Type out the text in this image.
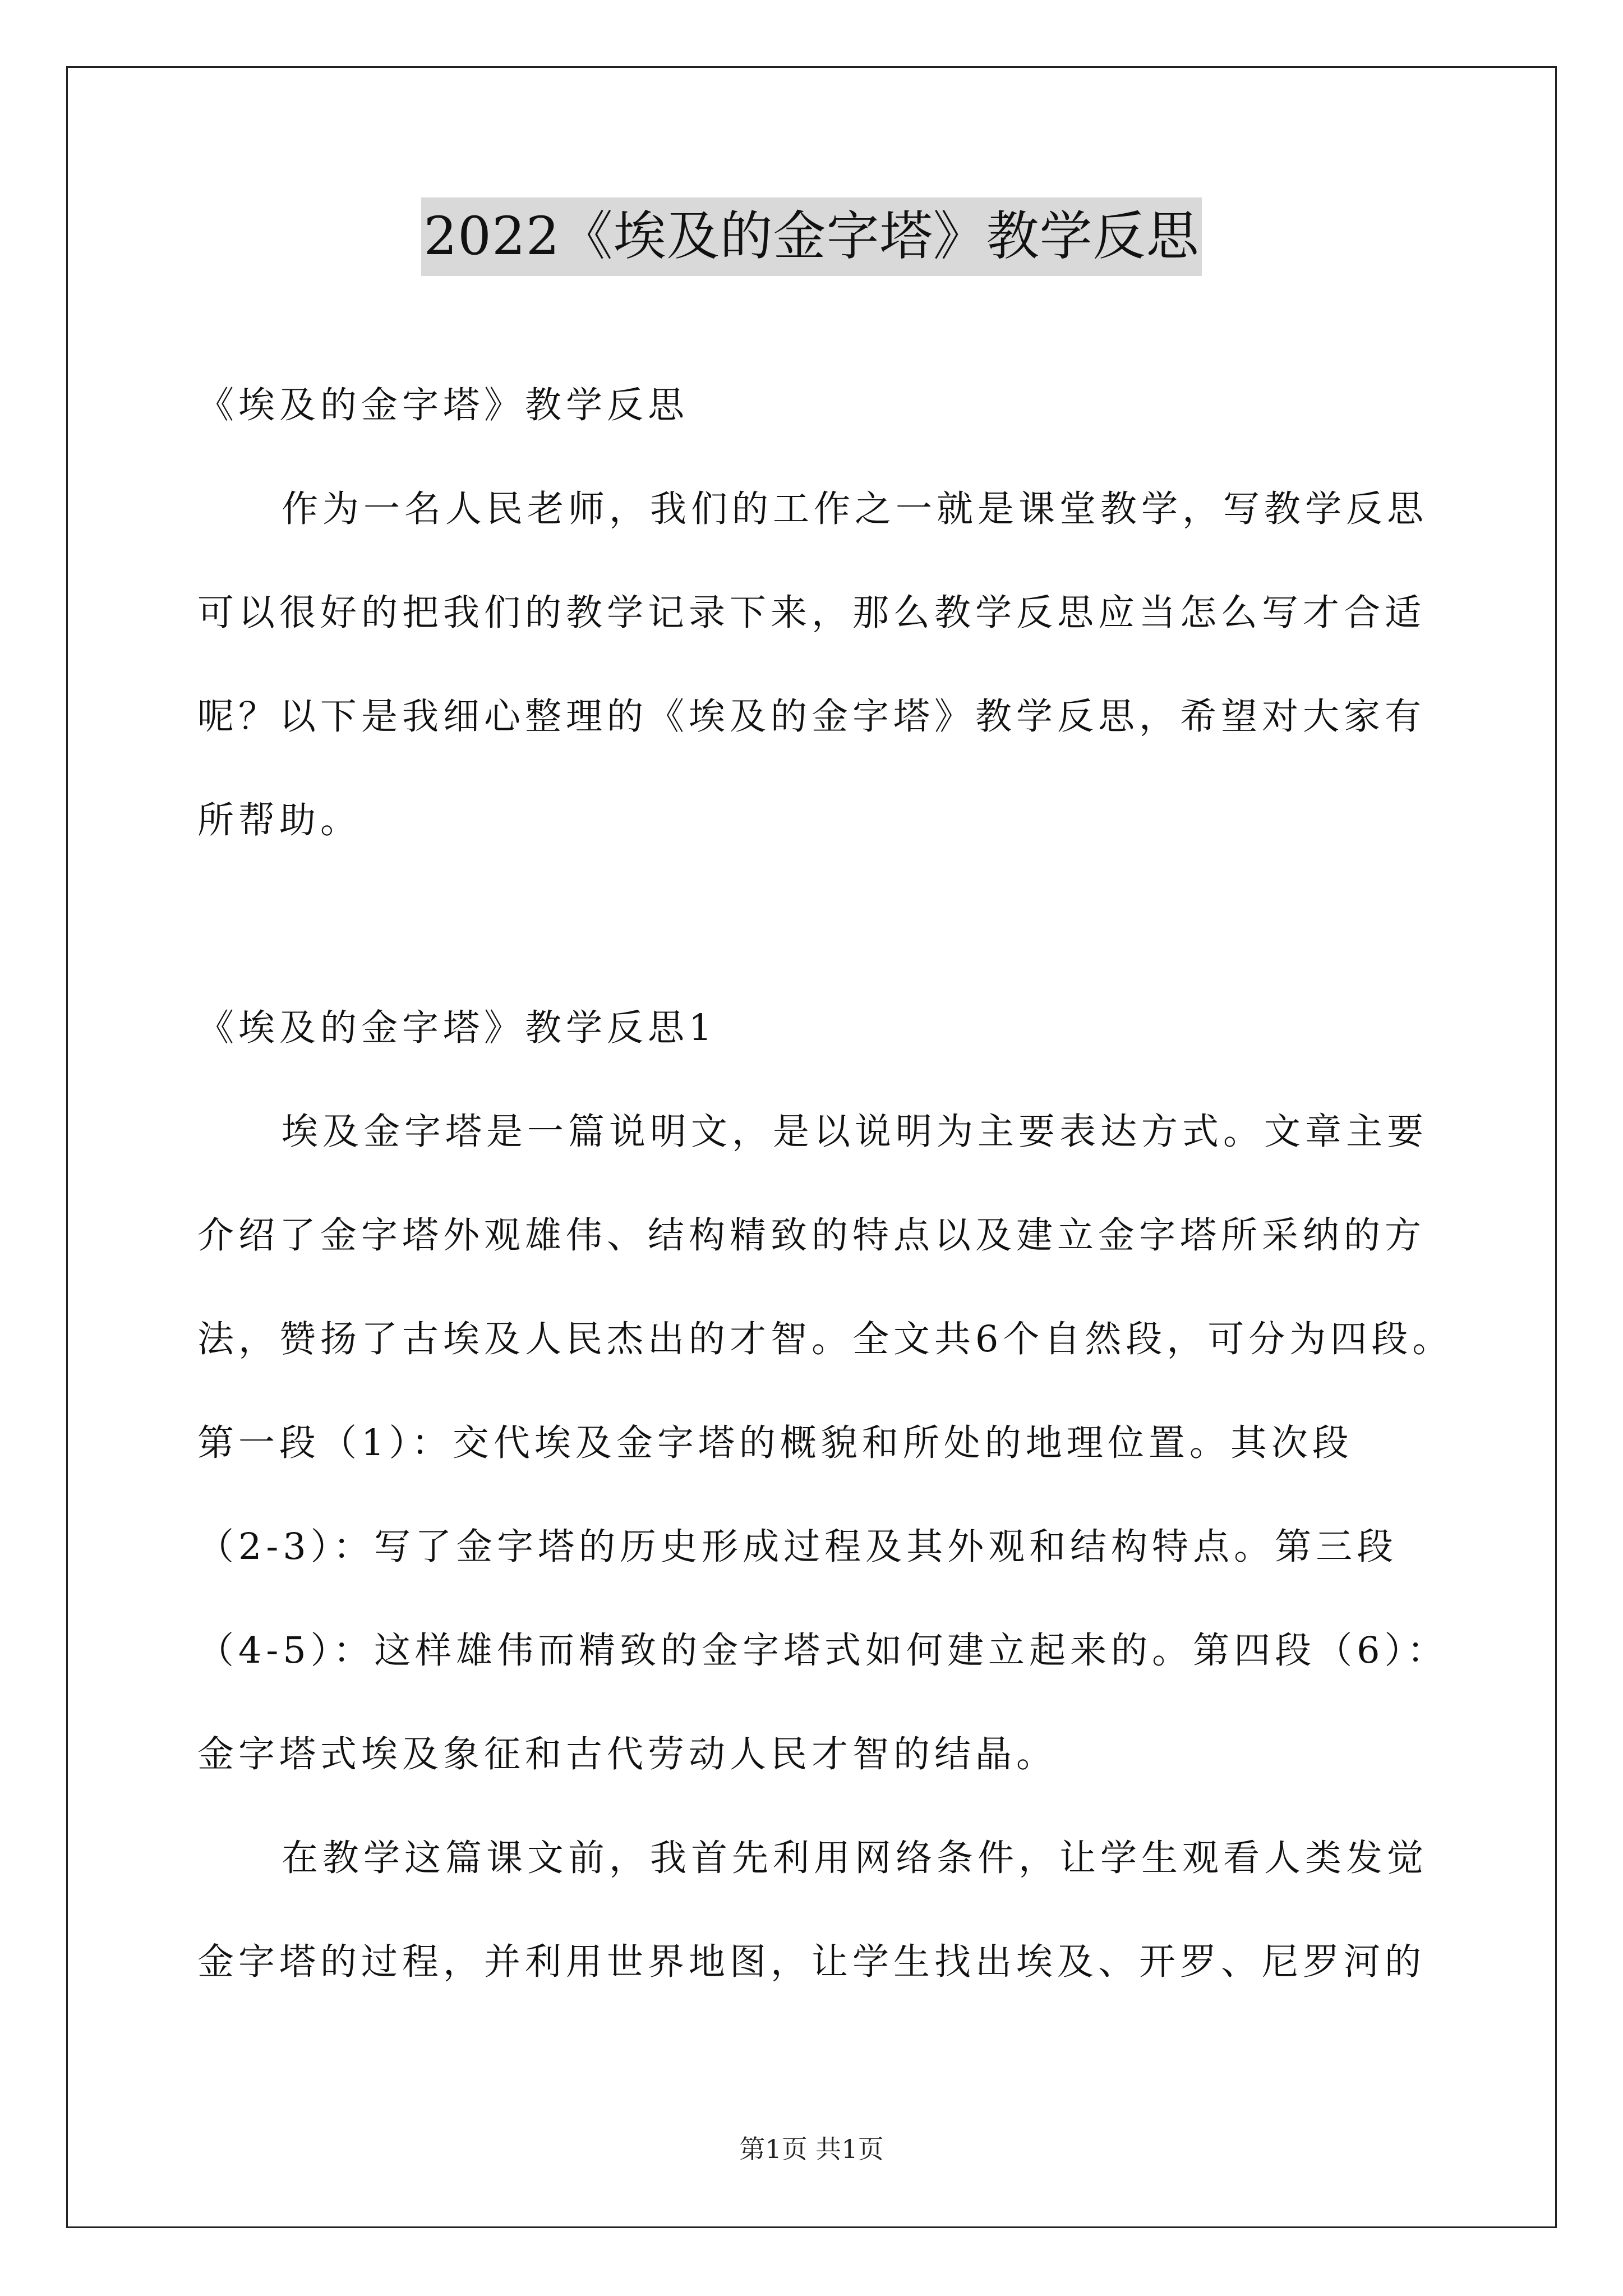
2022《埃及的金字塔》教学反思
《埃及的金字塔》教学反思
作为一名人民老师，我们的工作之一就是课堂教学，写教学反思
可以很好的把我们的教学记录下来，那么教学反思应当怎么写才合适
呢？以下是我细心整理的《埃及的金字塔》教学反思，希望对大家有
所帮助。
《埃及的金字塔》教学反思1
埃及金字塔是一篇说明文，是以说明为主要表达方式。文章主要
介绍了金字塔外观雄伟、结构精致的特点以及建立金字塔所采纳的方
法，赞扬了古埃及人民杰出的才智。全文共6个自然段，可分为四段。
第一段（1）：交代埃及金字塔的概貌和所处的地理位置。其次段
（2-3）：写了金字塔的历史形成过程及其外观和结构特点。第三段
（4-5）：这样雄伟而精致的金字塔式如何建立起来的。第四段（6）：
金字塔式埃及象征和古代劳动人民才智的结晶。
在教学这篇课文前，我首先利用网络条件，让学生观看人类发觉
金字塔的过程，并利用世界地图，让学生找出埃及、开罗、尼罗河的
第1页 共1页
